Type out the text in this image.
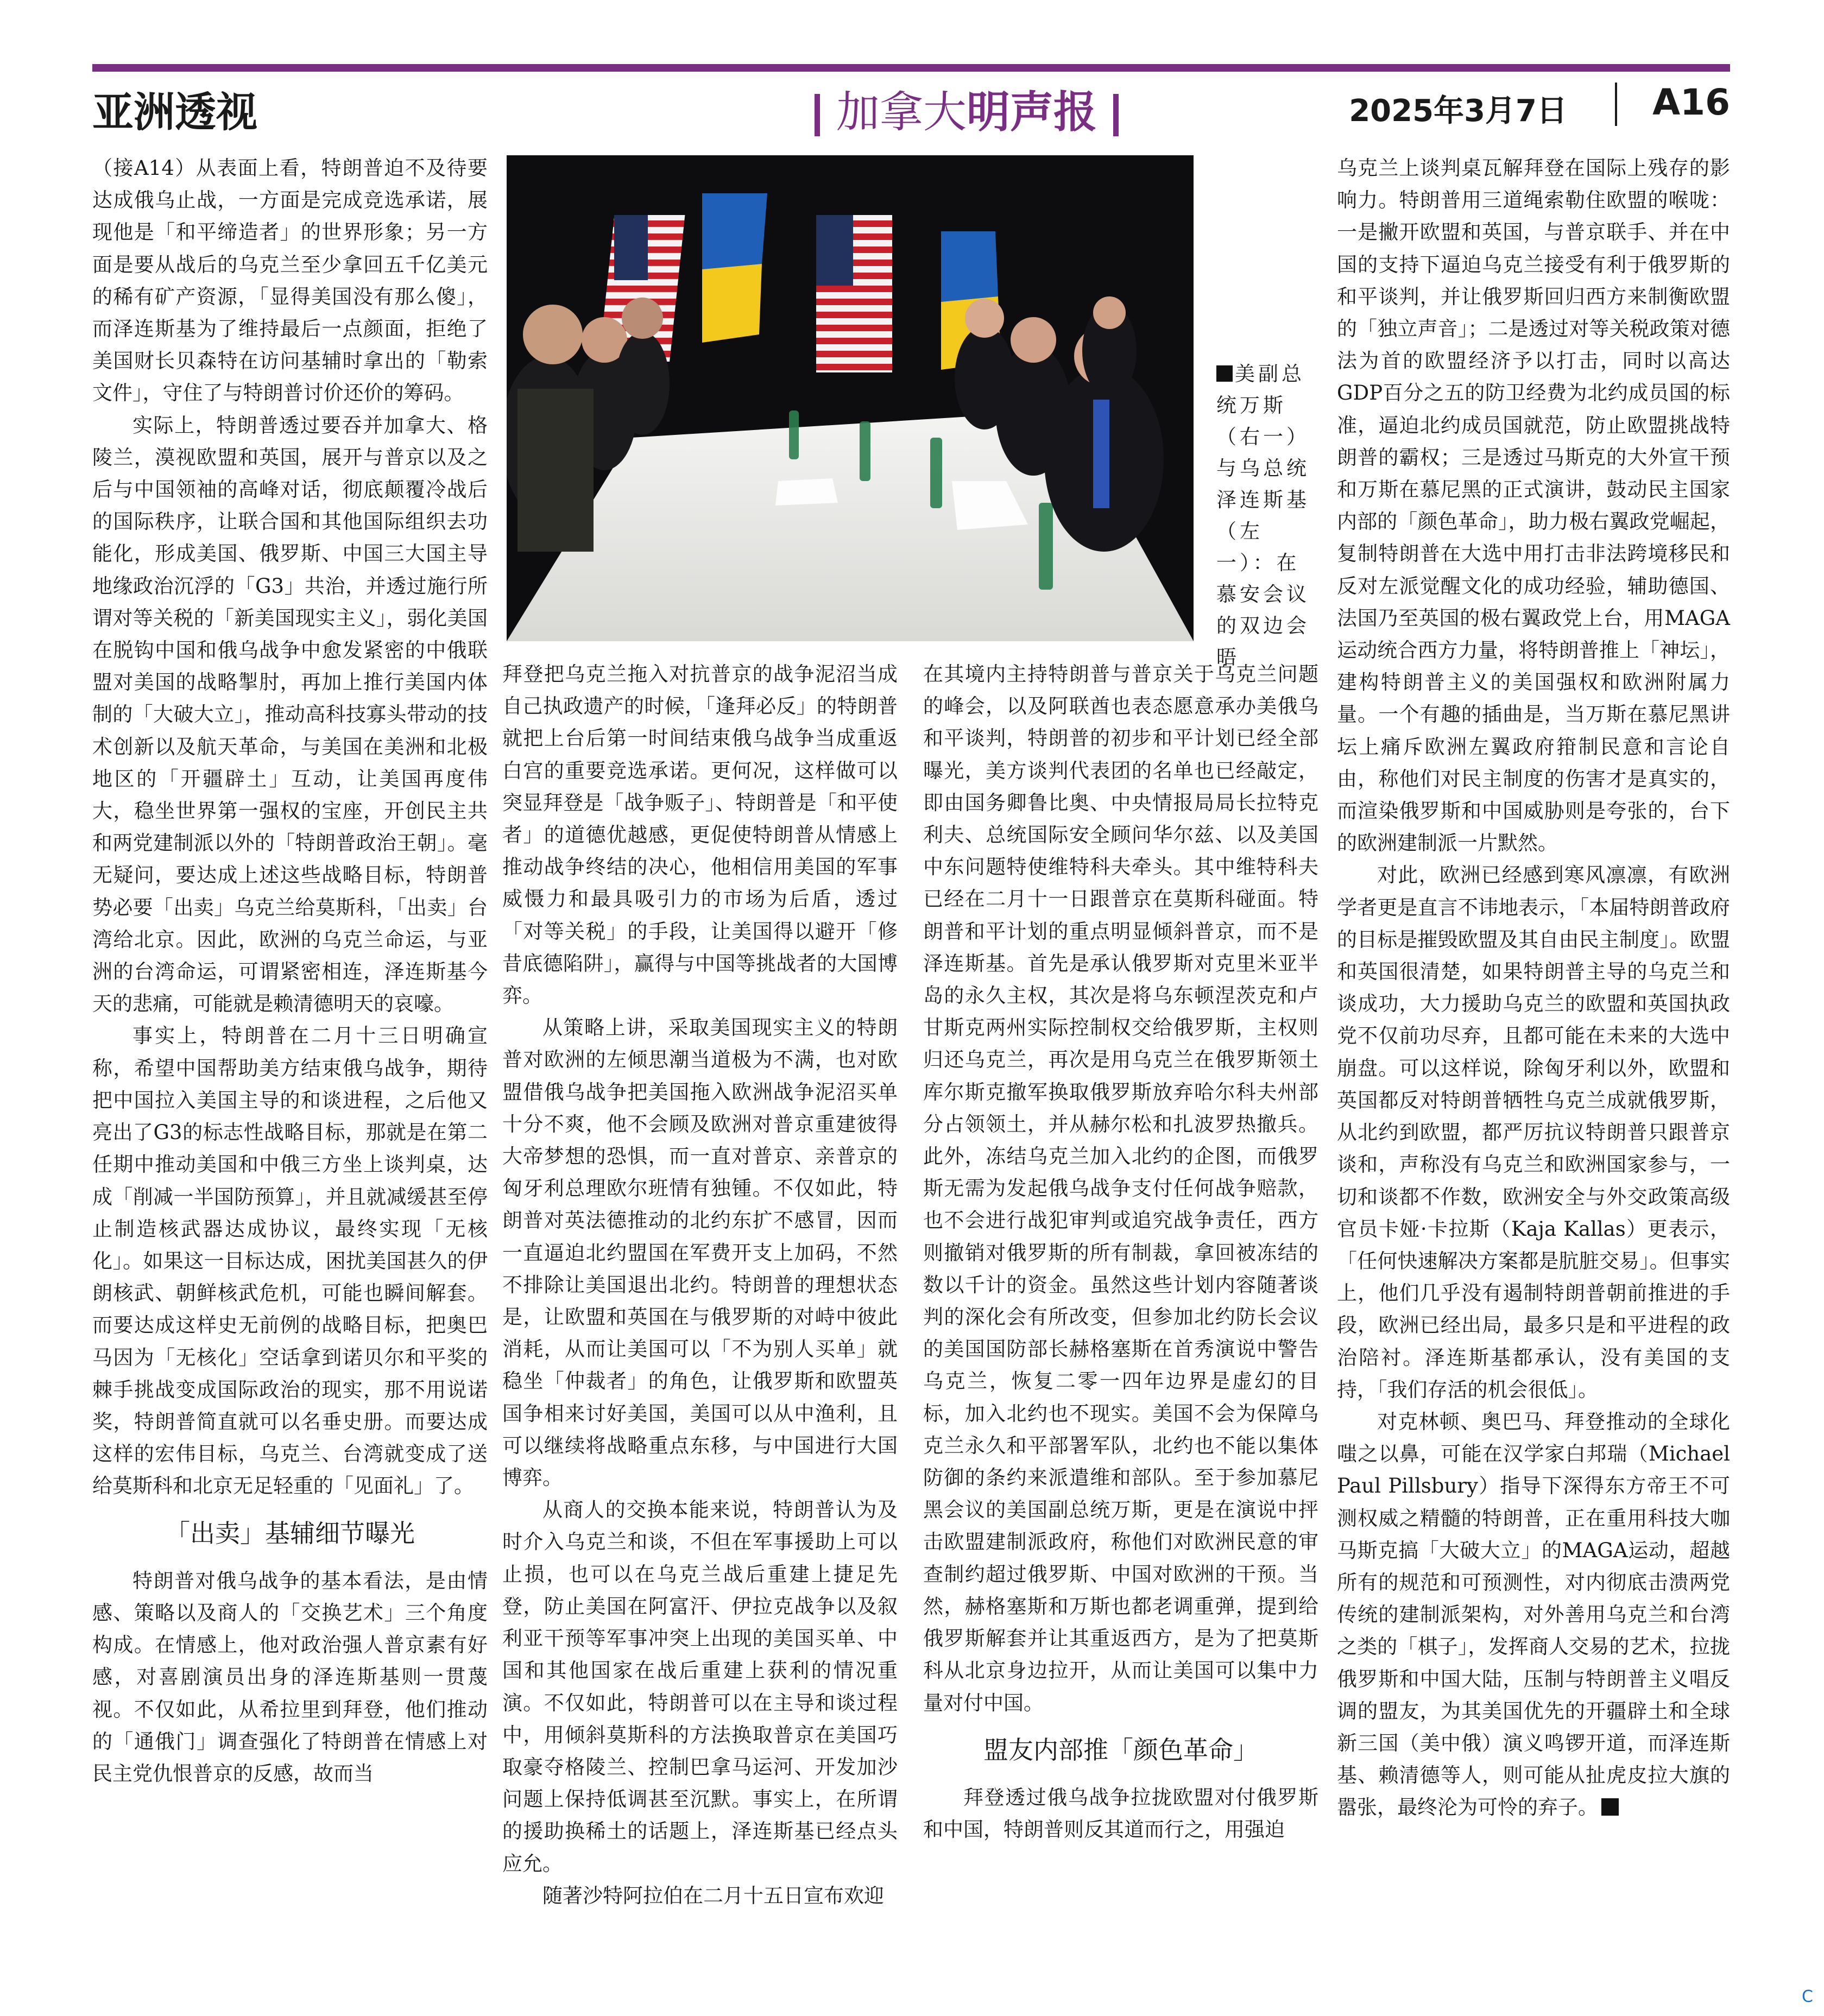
亚洲透视	加拿大明声报	2025年3月7日 A16
美副总统万斯（右一）与乌总统泽连斯基（左一）：在慕安会议的双边会晤

（接A14）从表面上看，特朗普迫不及待要达成俄乌止战，一方面是完成竞选承诺，展现他是「和平缔造者」的世界形象；另一方面是要从战后的乌克兰至少拿回五千亿美元的稀有矿产资源，「显得美国没有那么傻」，而泽连斯基为了维持最后一点颜面，拒绝了美国财长贝森特在访问基辅时拿出的「勒索文件」，守住了与特朗普讨价还价的筹码。

实际上，特朗普透过要吞并加拿大、格陵兰，漠视欧盟和英国，展开与普京以及之后与中国领袖的高峰对话，彻底颠覆冷战后的国际秩序，让联合国和其他国际组织去功能化，形成美国、俄罗斯、中国三大国主导地缘政治沉浮的「G3」共治，并透过施行所谓对等关税的「新美国现实主义」，弱化美国在脱钩中国和俄乌战争中愈发紧密的中俄联盟对美国的战略掣肘，再加上推行美国内体制的「大破大立」，推动高科技寡头带动的技术创新以及航天革命，与美国在美洲和北极地区的「开疆辟土」互动，让美国再度伟大，稳坐世界第一强权的宝座，开创民主共和两党建制派以外的「特朗普政治王朝」。毫无疑问，要达成上述这些战略目标，特朗普势必要「出卖」乌克兰给莫斯科，「出卖」台湾给北京。因此，欧洲的乌克兰命运，与亚洲的台湾命运，可谓紧密相连，泽连斯基今天的悲痛，可能就是赖清德明天的哀嚎。

事实上，特朗普在二月十三日明确宣称，希望中国帮助美方结束俄乌战争，期待把中国拉入美国主导的和谈进程，之后他又亮出了G3的标志性战略目标，那就是在第二任期中推动美国和中俄三方坐上谈判桌，达成「削减一半国防预算」，并且就减缓甚至停止制造核武器达成协议，最终实现「无核化」。如果这一目标达成，困扰美国甚久的伊朗核武、朝鲜核武危机，可能也瞬间解套。而要达成这样史无前例的战略目标，把奥巴马因为「无核化」空话拿到诺贝尔和平奖的棘手挑战变成国际政治的现实，那不用说诺奖，特朗普简直就可以名垂史册。而要达成这样的宏伟目标，乌克兰、台湾就变成了送给莫斯科和北京无足轻重的「见面礼」了。

「出卖」基辅细节曝光

特朗普对俄乌战争的基本看法，是由情感、策略以及商人的「交换艺术」三个角度构成。在情感上，他对政治强人普京素有好感，对喜剧演员出身的泽连斯基则一贯蔑视。不仅如此，从希拉里到拜登，他们推动的「通俄门」调查强化了特朗普在情感上对民主党仇恨普京的反感，故而当

拜登把乌克兰拖入对抗普京的战争泥沼当成自己执政遗产的时候，「逢拜必反」的特朗普就把上台后第一时间结束俄乌战争当成重返白宫的重要竞选承诺。更何况，这样做可以突显拜登是「战争贩子」、特朗普是「和平使者」的道德优越感，更促使特朗普从情感上推动战争终结的决心，他相信用美国的军事威慑力和最具吸引力的市场为后盾，透过「对等关税」的手段，让美国得以避开「修昔底德陷阱」，赢得与中国等挑战者的大国博弈。

从策略上讲，采取美国现实主义的特朗普对欧洲的左倾思潮当道极为不满，也对欧盟借俄乌战争把美国拖入欧洲战争泥沼买单十分不爽，他不会顾及欧洲对普京重建彼得大帝梦想的恐惧，而一直对普京、亲普京的匈牙利总理欧尔班情有独锺。不仅如此，特朗普对英法德推动的北约东扩不感冒，因而一直逼迫北约盟国在军费开支上加码，不然不排除让美国退出北约。特朗普的理想状态是，让欧盟和英国在与俄罗斯的对峙中彼此消耗，从而让美国可以「不为别人买单」就稳坐「仲裁者」的角色，让俄罗斯和欧盟英国争相来讨好美国，美国可以从中渔利，且可以继续将战略重点东移，与中国进行大国博弈。

从商人的交换本能来说，特朗普认为及时介入乌克兰和谈，不但在军事援助上可以止损，也可以在乌克兰战后重建上捷足先登，防止美国在阿富汗、伊拉克战争以及叙利亚干预等军事冲突上出现的美国买单、中国和其他国家在战后重建上获利的情况重演。不仅如此，特朗普可以在主导和谈过程中，用倾斜莫斯科的方法换取普京在美国巧取豪夺格陵兰、控制巴拿马运河、开发加沙问题上保持低调甚至沉默。事实上，在所谓的援助换稀土的话题上，泽连斯基已经点头应允。

随著沙特阿拉伯在二月十五日宣布欢迎

在其境内主持特朗普与普京关于乌克兰问题的峰会，以及阿联酋也表态愿意承办美俄乌和平谈判，特朗普的初步和平计划已经全部曝光，美方谈判代表团的名单也已经敲定，即由国务卿鲁比奥、中央情报局局长拉特克利夫、总统国际安全顾问华尔兹、以及美国中东问题特使维特科夫牵头。其中维特科夫已经在二月十一日跟普京在莫斯科碰面。特朗普和平计划的重点明显倾斜普京，而不是泽连斯基。首先是承认俄罗斯对克里米亚半岛的永久主权，其次是将乌东顿涅茨克和卢甘斯克两州实际控制权交给俄罗斯，主权则归还乌克兰，再次是用乌克兰在俄罗斯领土库尔斯克撤军换取俄罗斯放弃哈尔科夫州部分占领领土，并从赫尔松和扎波罗热撤兵。此外，冻结乌克兰加入北约的企图，而俄罗斯无需为发起俄乌战争支付任何战争赔款，也不会进行战犯审判或追究战争责任，西方则撤销对俄罗斯的所有制裁，拿回被冻结的数以千计的资金。虽然这些计划内容随著谈判的深化会有所改变，但参加北约防长会议的美国国防部长赫格塞斯在首秀演说中警告乌克兰，恢复二零一四年边界是虚幻的目标，加入北约也不现实。美国不会为保障乌克兰永久和平部署军队，北约也不能以集体防御的条约来派遣维和部队。至于参加慕尼黑会议的美国副总统万斯，更是在演说中抨击欧盟建制派政府，称他们对欧洲民意的审查制约超过俄罗斯、中国对欧洲的干预。当然，赫格塞斯和万斯也都老调重弹，提到给俄罗斯解套并让其重返西方，是为了把莫斯科从北京身边拉开，从而让美国可以集中力量对付中国。

盟友内部推「颜色革命」

拜登透过俄乌战争拉拢欧盟对付俄罗斯和中国，特朗普则反其道而行之，用强迫

乌克兰上谈判桌瓦解拜登在国际上残存的影响力。特朗普用三道绳索勒住欧盟的喉咙：一是撇开欧盟和英国，与普京联手、并在中国的支持下逼迫乌克兰接受有利于俄罗斯的和平谈判，并让俄罗斯回归西方来制衡欧盟的「独立声音」；二是透过对等关税政策对德法为首的欧盟经济予以打击，同时以高达GDP百分之五的防卫经费为北约成员国的标准，逼迫北约成员国就范，防止欧盟挑战特朗普的霸权；三是透过马斯克的大外宣干预和万斯在慕尼黑的正式演讲，鼓动民主国家内部的「颜色革命」，助力极右翼政党崛起，复制特朗普在大选中用打击非法跨境移民和反对左派觉醒文化的成功经验，辅助德国、法国乃至英国的极右翼政党上台，用MAGA运动统合西方力量，将特朗普推上「神坛」，建构特朗普主义的美国强权和欧洲附属力量。一个有趣的插曲是，当万斯在慕尼黑讲坛上痛斥欧洲左翼政府箝制民意和言论自由，称他们对民主制度的伤害才是真实的，而渲染俄罗斯和中国威胁则是夸张的，台下的欧洲建制派一片默然。

对此，欧洲已经感到寒风凛凛，有欧洲学者更是直言不讳地表示，「本届特朗普政府的目标是摧毁欧盟及其自由民主制度」。欧盟和英国很清楚，如果特朗普主导的乌克兰和谈成功，大力援助乌克兰的欧盟和英国执政党不仅前功尽弃，且都可能在未来的大选中崩盘。可以这样说，除匈牙利以外，欧盟和英国都反对特朗普牺牲乌克兰成就俄罗斯，从北约到欧盟，都严厉抗议特朗普只跟普京谈和，声称没有乌克兰和欧洲国家参与，一切和谈都不作数，欧洲安全与外交政策高级官员卡娅·卡拉斯（Kaja Kallas）更表示，「任何快速解决方案都是肮脏交易」。但事实上，他们几乎没有遏制特朗普朝前推进的手段，欧洲已经出局，最多只是和平进程的政治陪衬。泽连斯基都承认，没有美国的支持，「我们存活的机会很低」。

对克林顿、奥巴马、拜登推动的全球化嗤之以鼻，可能在汉学家白邦瑞（Michael Paul Pillsbury）指导下深得东方帝王不可测权威之精髓的特朗普，正在重用科技大咖马斯克搞「大破大立」的MAGA运动，超越所有的规范和可预测性，对内彻底击溃两党传统的建制派架构，对外善用乌克兰和台湾之类的「棋子」，发挥商人交易的艺术，拉拢俄罗斯和中国大陆，压制与特朗普主义唱反调的盟友，为其美国优先的开疆辟土和全球新三国（美中俄）演义鸣锣开道，而泽连斯基、赖清德等人，则可能从扯虎皮拉大旗的嚣张，最终沦为可怜的弃子。

C
